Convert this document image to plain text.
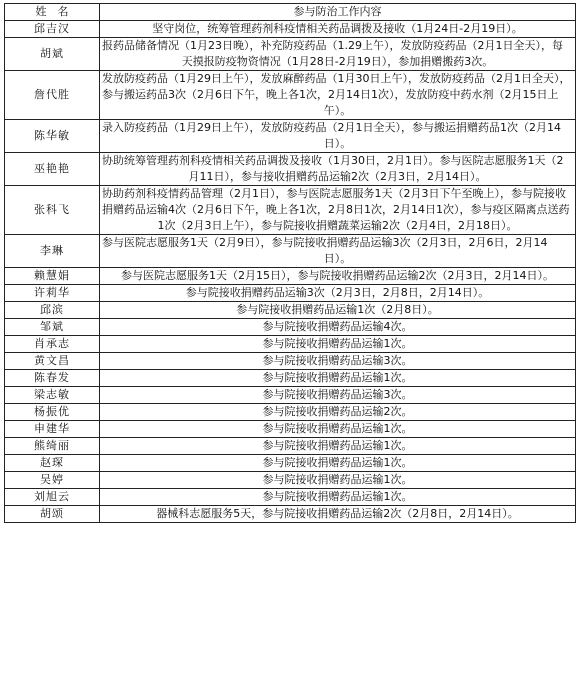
姓　名	参与防治工作内容
邱吉汉	坚守岗位，统筹管理药剂科疫情相关药品调拨及接收（1月24日-2月19日）。
胡斌	报药品储备情况（1月23日晚），补充防疫药品（1.29上午），发放防疫药品（2月1日全天），每天摸报防疫物资情况（1月28日-2月19日），参加捐赠搬药3次。
詹代胜	发放防疫药品（1月29日上午），发放麻醉药品（1月30日上午），发放防疫药品（2月1日全天），参与搬运药品3次（2月6日下午，晚上各1次，2月14日1次），发放防疫中药水剂（2月15日上午）。
陈华敏	录入防疫药品（1月29日上午），发放防疫药品（2月1日全天），参与搬运捐赠药品1次（2月14日）。
巫艳艳	协助统筹管理药剂科疫情相关药品调拨及接收（1月30日，2月1日）。参与医院志愿服务1天（2月11日），参与接收捐赠药品运输2次（2月3日，2月14日）。
张科飞	协助药剂科疫情药品管理（2月1日），参与医院志愿服务1天（2月3日下午至晚上），参与院接收捐赠药品运输4次（2月6日下午，晚上各1次，2月8日1次，2月14日1次），参与疫区隔离点送药1次（2月3日上午），参与院接收捐赠蔬菜运输2次（2月4日，2月18日）。
李琳	参与医院志愿服务1天（2月9日），参与院接收捐赠药品运输3次（2月3日，2月6日，2月14日）。
赖慧娟	参与医院志愿服务1天（2月15日），参与院接收捐赠药品运输2次（2月3日，2月14日）。
许莉华	参与院接收捐赠药品运输3次（2月3日，2月8日，2月14日）。
邱滨	参与院接收捐赠药品运输1次（2月8日）。
邹斌	参与院接收捐赠药品运输4次。
肖承志	参与院接收捐赠药品运输1次。
黄文昌	参与院接收捐赠药品运输3次。
陈春发	参与院接收捐赠药品运输1次。
梁志敏	参与院接收捐赠药品运输3次。
杨振优	参与院接收捐赠药品运输2次。
申建华	参与院接收捐赠药品运输1次。
熊绮丽	参与院接收捐赠药品运输1次。
赵琛	参与院接收捐赠药品运输1次。
吴婷	参与院接收捐赠药品运输1次。
刘旭云	参与院接收捐赠药品运输1次。
胡颂	器械科志愿服务5天，参与院接收捐赠药品运输2次（2月8日，2月14日）。
